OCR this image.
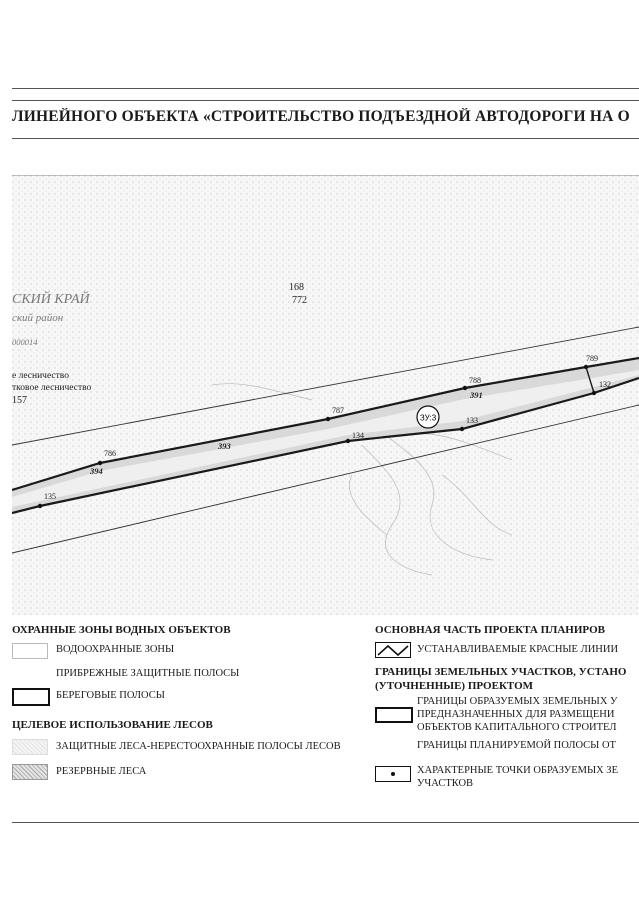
ЛИНЕЙНОГО ОБЪЕКТА «СТРОИТЕЛЬСТВО ПОДЪЕЗДНОЙ АВТОДОРОГИ НА О
ЗУ:3
168
772
СКИЙ КРАЙ
ский район
000014
е лесничество
тковое лесничество
157
786
787
788
789
132
133
134
135
391
393
394
ОХРАННЫЕ ЗОНЫ ВОДНЫХ ОБЪЕКТОВ
ВОДООХРАННЫЕ ЗОНЫ
ПРИБРЕЖНЫЕ ЗАЩИТНЫЕ ПОЛОСЫ
БЕРЕГОВЫЕ ПОЛОСЫ
ЦЕЛЕВОЕ ИСПОЛЬЗОВАНИЕ ЛЕСОВ
ЗАЩИТНЫЕ ЛЕСА-НЕРЕСТООХРАННЫЕ ПОЛОСЫ ЛЕСОВ
РЕЗЕРВНЫЕ ЛЕСА
ОСНОВНАЯ ЧАСТЬ ПРОЕКТА ПЛАНИРОВ
УСТАНАВЛИВАЕМЫЕ КРАСНЫЕ ЛИНИИ
ГРАНИЦЫ ЗЕМЕЛЬНЫХ УЧАСТКОВ, УСТАНО
(УТОЧНЕННЫЕ) ПРОЕКТОМ
ГРАНИЦЫ ОБРАЗУЕМЫХ ЗЕМЕЛЬНЫХ У
ПРЕДНАЗНАЧЕННЫХ ДЛЯ РАЗМЕЩЕНИ
ОБЪЕКТОВ КАПИТАЛЬНОГО СТРОИТЕЛ
ГРАНИЦЫ ПЛАНИРУЕМОЙ ПОЛОСЫ ОТ
ХАРАКТЕРНЫЕ ТОЧКИ ОБРАЗУЕМЫХ ЗЕ
УЧАСТКОВ
